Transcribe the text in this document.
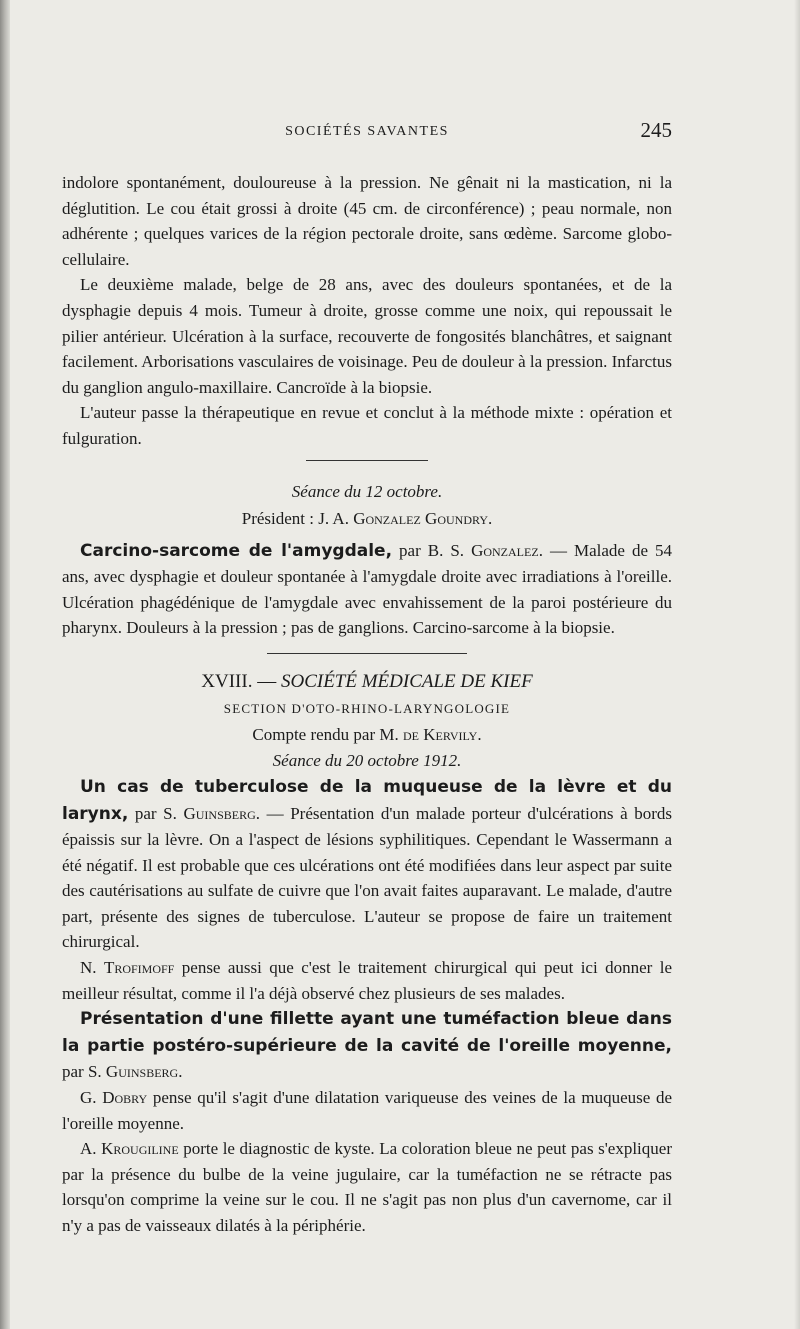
SOCIÉTÉS SAVANTES	245

indolore spontanément, douloureuse à la pression. Ne gênait ni la mastication, ni la déglutition. Le cou était grossi à droite (45 cm. de circonférence) ; peau normale, non adhérente ; quelques varices de la région pectorale droite, sans œdème. Sarcome globo-cellulaire.

Le deuxième malade, belge de 28 ans, avec des douleurs spontanées, et de la dysphagie depuis 4 mois. Tumeur à droite, grosse comme une noix, qui repoussait le pilier antérieur. Ulcération à la surface, recouverte de fongosités blanchâtres, et saignant facilement. Arborisations vasculaires de voisinage. Peu de douleur à la pression. Infarctus du ganglion angulo-maxillaire. Cancroïde à la biopsie.

L'auteur passe la thérapeutique en revue et conclut à la méthode mixte : opération et fulguration.

Séance du 12 octobre.

Président : J. A. Gonzalez Goundry.

Carcino-sarcome de l'amygdale, par B. S. Gonzalez. — Malade de 54 ans, avec dysphagie et douleur spontanée à l'amygdale droite avec irradiations à l'oreille. Ulcération phagédénique de l'amygdale avec envahissement de la paroi postérieure du pharynx. Douleurs à la pression ; pas de ganglions. Carcino-sarcome à la biopsie.

XVIII. — SOCIÉTÉ MÉDICALE DE KIEF

SECTION D'OTO-RHINO-LARYNGOLOGIE

Compte rendu par M. de Kervily.

Séance du 20 octobre 1912.

Un cas de tuberculose de la muqueuse de la lèvre et du larynx, par S. Guinsberg. — Présentation d'un malade porteur d'ulcérations à bords épaissis sur la lèvre. On a l'aspect de lésions syphilitiques. Cependant le Wassermann a été négatif. Il est probable que ces ulcérations ont été modifiées dans leur aspect par suite des cautérisations au sulfate de cuivre que l'on avait faites auparavant. Le malade, d'autre part, présente des signes de tuberculose. L'auteur se propose de faire un traitement chirurgical.

N. Trofimoff pense aussi que c'est le traitement chirurgical qui peut ici donner le meilleur résultat, comme il l'a déjà observé chez plusieurs de ses malades.

Présentation d'une fillette ayant une tuméfaction bleue dans la partie postéro-supérieure de la cavité de l'oreille moyenne, par S. Guinsberg.

G. Dobry pense qu'il s'agit d'une dilatation variqueuse des veines de la muqueuse de l'oreille moyenne.

A. Krougiline porte le diagnostic de kyste. La coloration bleue ne peut pas s'expliquer par la présence du bulbe de la veine jugulaire, car la tuméfaction ne se rétracte pas lorsqu'on comprime la veine sur le cou. Il ne s'agit pas non plus d'un cavernome, car il n'y a pas de vaisseaux dilatés à la périphérie.
